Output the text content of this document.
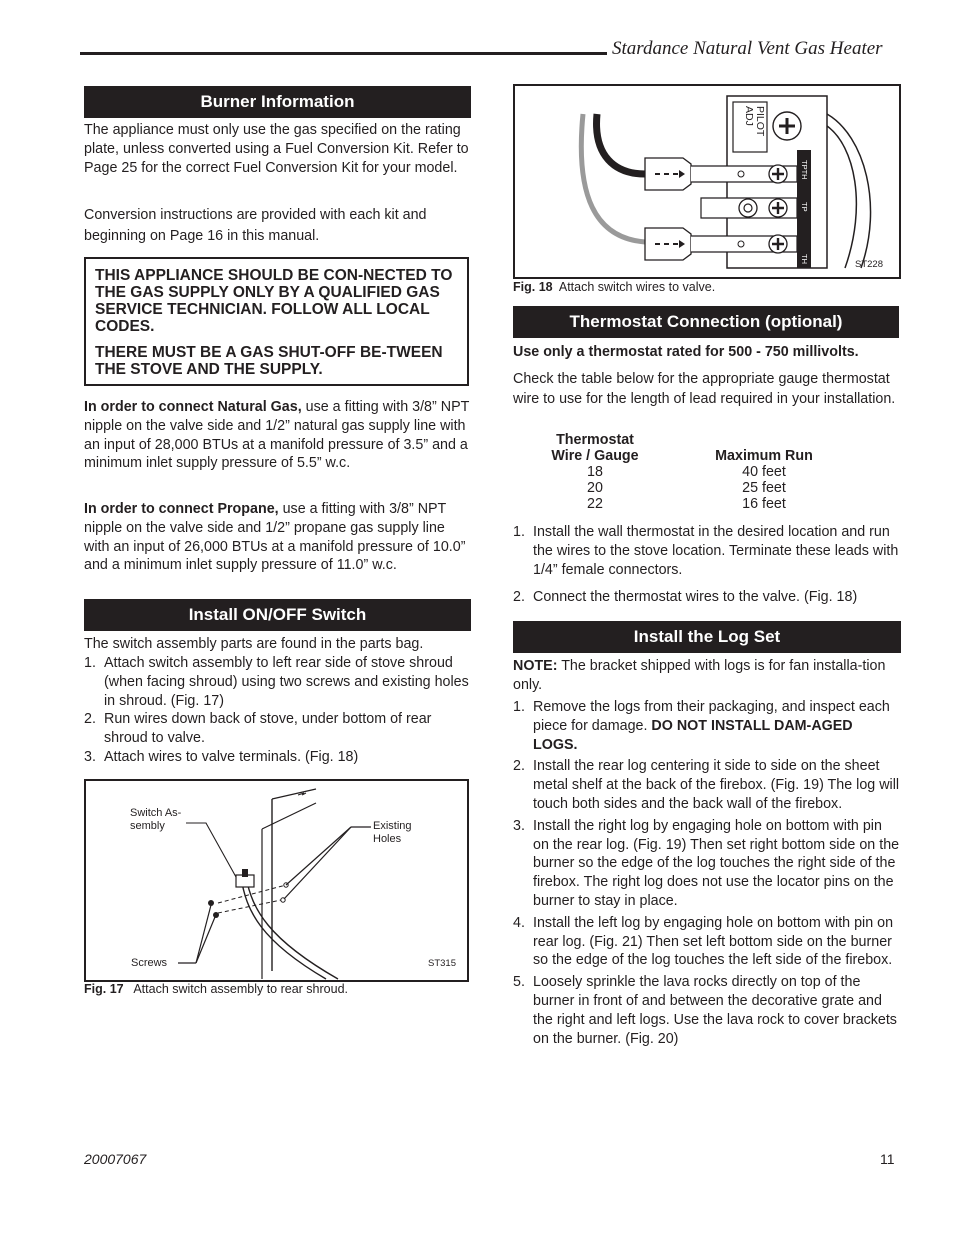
Stardance Natural Vent Gas Heater
Burner Information
The appliance must only use the gas specified on the rating plate, unless converted using a Fuel Conversion Kit. Refer to Page 25 for the correct Fuel Conversion Kit for your model.
Conversion instructions are provided with each kit and beginning on Page 16 in this manual.
THIS APPLIANCE SHOULD BE CON-NECTED TO THE GAS SUPPLY ONLY BY A QUALIFIED GAS SERVICE TECHNICIAN. FOLLOW ALL LOCAL CODES.
THERE MUST BE A GAS SHUT-OFF BE-TWEEN THE STOVE AND THE SUPPLY.
In order to connect Natural Gas, use a fitting with 3/8” NPT nipple on the valve side and 1/2” natural gas supply line with an input of 28,000 BTUs at a manifold pressure of 3.5” and a minimum inlet supply pressure of 5.5” w.c.
In order to connect Propane, use a fitting with 3/8” NPT nipple on the valve side and 1/2” propane gas supply line with an input of 26,000 BTUs at a manifold pressure of 10.0” and a minimum inlet supply pressure of 11.0” w.c.
Install ON/OFF Switch
The switch assembly parts are found in the parts bag.
1. Attach switch assembly to left rear side of stove shroud (when facing shroud) using two screws and existing holes in shroud. (Fig. 17)
2. Run wires down back of stove, under bottom of rear shroud to valve.
3. Attach wires to valve terminals. (Fig. 18)
Switch As-
sembly	Existing
Holes
Screws	ST315
Fig. 17 Attach switch assembly to rear shroud.
PILOT
ADJ
TPTH
TP
TH	ST228
Fig. 18 Attach switch wires to valve.
Thermostat Connection (optional)
Use only a thermostat rated for 500 - 750 millivolts.
Check the table below for the appropriate gauge thermostat wire to use for the length of lead required in your installation.
Thermostat
Wire / Gauge	Maximum Run
18	40 feet
20	25 feet
22	16 feet
1. Install the wall thermostat in the desired location and run the wires to the stove location. Terminate these leads with 1/4” female connectors.
2. Connect the thermostat wires to the valve. (Fig. 18)
Install the Log Set
NOTE: The bracket shipped with logs is for fan installa-tion only.
1. Remove the logs from their packaging, and inspect each piece for damage. DO NOT INSTALL DAM-AGED LOGS.
2. Install the rear log centering it side to side on the sheet metal shelf at the back of the firebox. (Fig. 19) The log will touch both sides and the back wall of the firebox.
3. Install the right log by engaging hole on bottom with pin on the rear log. (Fig. 19) Then set right bottom side on the burner so the edge of the log touches the right side of the firebox. The right log does not use the locator pins on the burner to stay in place.
4. Install the left log by engaging hole on bottom with pin on rear log. (Fig. 21) Then set left bottom side on the burner so the edge of the log touches the left side of the firebox.
5. Loosely sprinkle the lava rocks directly on top of the burner in front of and between the decorative grate and the right and left logs. Use the lava rock to cover brackets on the burner. (Fig. 20)
20007067	11
